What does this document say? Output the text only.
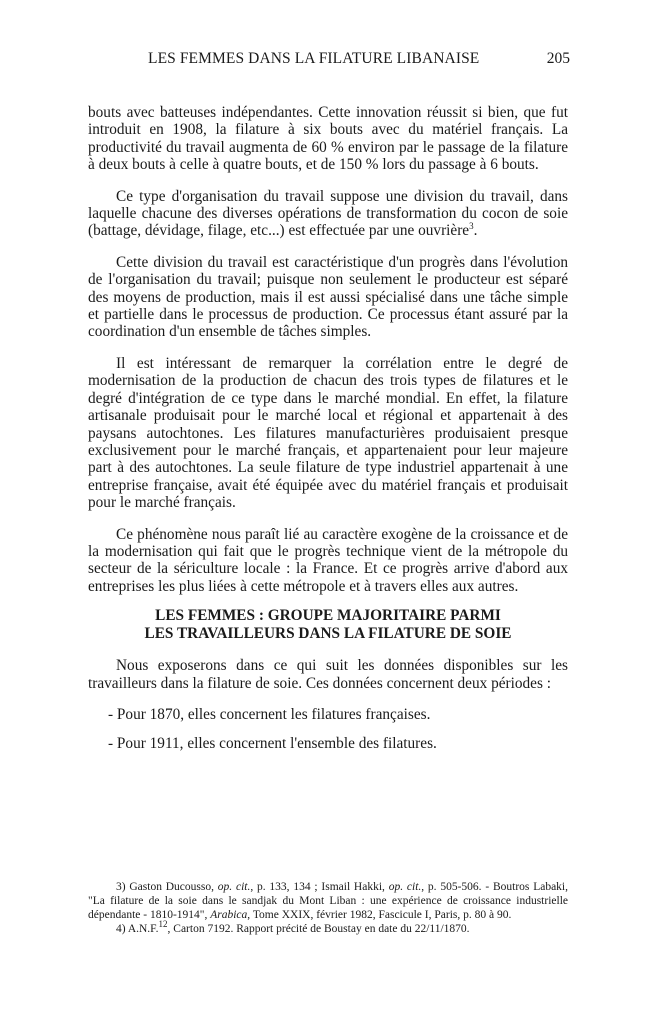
LES FEMMES DANS LA FILATURE LIBANAISE	205

bouts avec batteuses indépendantes. Cette innovation réussit si bien, que fut introduit en 1908, la filature à six bouts avec du matériel français. La productivité du travail augmenta de 60 % environ par le passage de la filature à deux bouts à celle à quatre bouts, et de 150 % lors du passage à 6 bouts.

Ce type d'organisation du travail suppose une division du travail, dans laquelle chacune des diverses opérations de transformation du cocon de soie (battage, dévidage, filage, etc...) est effectuée par une ouvrière$^3$.

Cette division du travail est caractéristique d'un progrès dans l'évolution de l'organisation du travail; puisque non seulement le producteur est séparé des moyens de production, mais il est aussi spécialisé dans une tâche simple et partielle dans le processus de production. Ce processus étant assuré par la coordination d'un ensemble de tâches simples.

Il est intéressant de remarquer la corrélation entre le degré de modernisation de la production de chacun des trois types de filatures et le degré d'intégration de ce type dans le marché mondial. En effet, la filature artisanale produisait pour le marché local et régional et appartenait à des paysans autochtones. Les filatures manufacturières produisaient presque exclusivement pour le marché français, et appartenaient pour leur majeure part à des autochtones. La seule filature de type industriel appartenait à une entreprise française, avait été équipée avec du matériel français et produisait pour le marché français.

Ce phénomène nous paraît lié au caractère exogène de la croissance et de la modernisation qui fait que le progrès technique vient de la métropole du secteur de la sériculture locale : la France. Et ce progrès arrive d'abord aux entreprises les plus liées à cette métropole et à travers elles aux autres.

LES FEMMES : GROUPE MAJORITAIRE PARMI
LES TRAVAILLEURS DANS LA FILATURE DE SOIE

Nous exposerons dans ce qui suit les données disponibles sur les travailleurs dans la filature de soie. Ces données concernent deux périodes :

- Pour 1870, elles concernent les filatures françaises.

- Pour 1911, elles concernent l'ensemble des filatures.

3) Gaston Ducousso, op. cit., p. 133, 134 ; Ismail Hakki, op. cit., p. 505-506. - Boutros Labaki, "La filature de la soie dans le sandjak du Mont Liban : une expérience de croissance industrielle dépendante - 1810-1914", Arabica, Tome XXIX, février 1982, Fascicule I, Paris, p. 80 à 90.

4) A.N.F.$^{12}$, Carton 7192. Rapport précité de Boustay en date du 22/11/1870.
